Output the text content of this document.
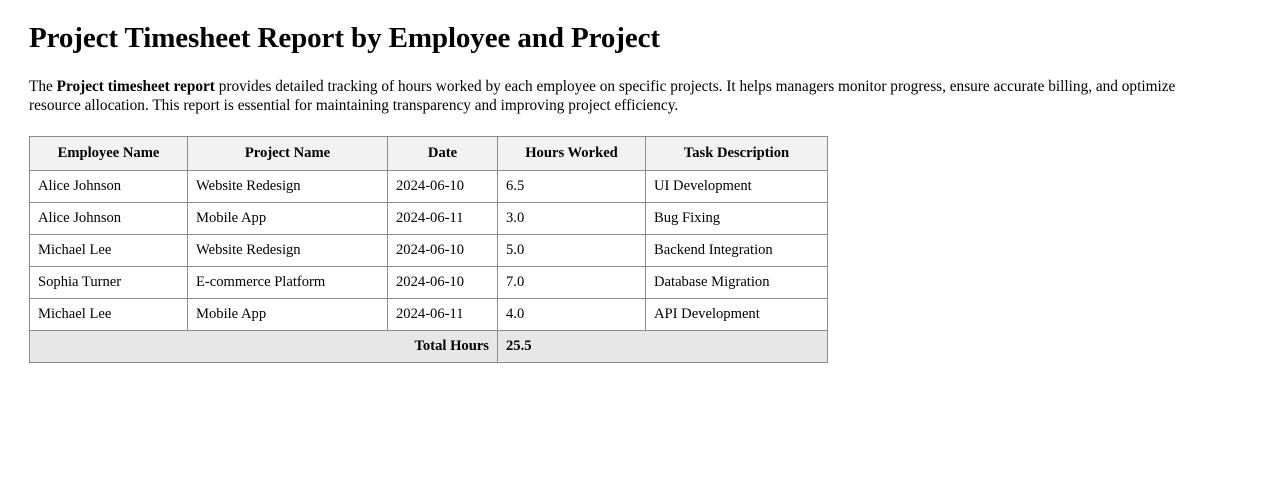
Project Timesheet Report by Employee and Project

The Project timesheet report provides detailed tracking of hours worked by each employee on specific projects. It helps managers monitor progress, ensure accurate billing, and optimize resource allocation. This report is essential for maintaining transparency and improving project efficiency.

Employee Name	Project Name	Date	Hours Worked	Task Description
Alice Johnson	Website Redesign	2024-06-10	6.5	UI Development
Alice Johnson	Mobile App	2024-06-11	3.0	Bug Fixing
Michael Lee	Website Redesign	2024-06-10	5.0	Backend Integration
Sophia Turner	E-commerce Platform	2024-06-10	7.0	Database Migration
Michael Lee	Mobile App	2024-06-11	4.0	API Development
Total Hours			25.5	
